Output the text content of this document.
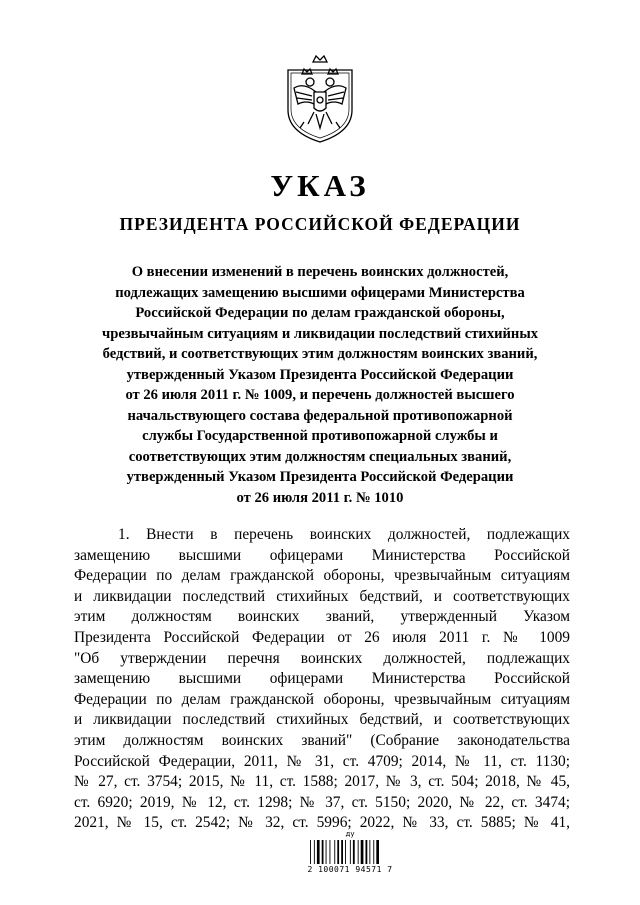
УКАЗ
ПРЕЗИДЕНТА РОССИЙСКОЙ ФЕДЕРАЦИИ
О внесении изменений в перечень воинских должностей,
подлежащих замещению высшими офицерами Министерства
Российской Федерации по делам гражданской обороны,
чрезвычайным ситуациям и ликвидации последствий стихийных
бедствий, и соответствующих этим должностям воинских званий,
утвержденный Указом Президента Российской Федерации
от 26 июля 2011 г. № 1009, и перечень должностей высшего
начальствующего состава федеральной противопожарной
службы Государственной противопожарной службы и
соответствующих этим должностям специальных званий,
утвержденный Указом Президента Российской Федерации
от 26 июля 2011 г. № 1010
1. Внести в перечень воинских должностей, подлежащих
замещению высшими офицерами Министерства Российской
Федерации по делам гражданской обороны, чрезвычайным ситуациям
и ликвидации последствий стихийных бедствий, и соответствующих
этим должностям воинских званий, утвержденный Указом
Президента Российской Федерации от 26 июля 2011 г. № 1009
"Об утверждении перечня воинских должностей, подлежащих
замещению высшими офицерами Министерства Российской
Федерации по делам гражданской обороны, чрезвычайным ситуациям
и ликвидации последствий стихийных бедствий, и соответствующих
этим должностям воинских званий" (Собрание законодательства
Российской Федерации, 2011, № 31, ст. 4709; 2014, № 11, ст. 1130;
№ 27, ст. 3754; 2015, № 11, ст. 1588; 2017, № 3, ст. 504; 2018, № 45,
ст. 6920; 2019, № 12, ст. 1298; № 37, ст. 5150; 2020, № 22, ст. 3474;
2021, № 15, ст. 2542; № 32, ст. 5996; 2022, № 33, ст. 5885; № 41,
ду
2 100071 94571 7
